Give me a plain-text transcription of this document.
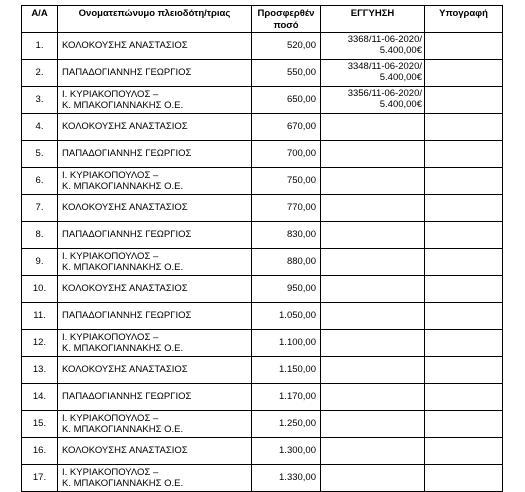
Α/Α	Ονοματεπώνυμο πλειοδότη/τριας	Προσφερθέν
ποσό	ΕΓΓΥΗΣΗ	Υπογραφή
1.	ΚΟΛΟΚΟΥΣΗΣ ΑΝΑΣΤΑΣΙΟΣ	520,00	3368/11-06-2020/
5.400,00€	
2.	ΠΑΠΑΔΟΓΙΑΝΝΗΣ ΓΕΩΡΓΙΟΣ	550,00	3348/11-06-2020/
5.400,00€	
3.	Ι. ΚΥΡΙΑΚΟΠΟΥΛΟΣ –
Κ. ΜΠΑΚΟΓΙΑΝΝΑΚΗΣ Ο.Ε.	650,00	3356/11-06-2020/
5.400,00€	
4.	ΚΟΛΟΚΟΥΣΗΣ ΑΝΑΣΤΑΣΙΟΣ	670,00		
5.	ΠΑΠΑΔΟΓΙΑΝΝΗΣ ΓΕΩΡΓΙΟΣ	700,00		
6.	Ι. ΚΥΡΙΑΚΟΠΟΥΛΟΣ –
Κ. ΜΠΑΚΟΓΙΑΝΝΑΚΗΣ Ο.Ε.	750,00		
7.	ΚΟΛΟΚΟΥΣΗΣ ΑΝΑΣΤΑΣΙΟΣ	770,00		
8.	ΠΑΠΑΔΟΓΙΑΝΝΗΣ ΓΕΩΡΓΙΟΣ	830,00		
9.	Ι. ΚΥΡΙΑΚΟΠΟΥΛΟΣ –
Κ. ΜΠΑΚΟΓΙΑΝΝΑΚΗΣ Ο.Ε.	880,00		
10.	ΚΟΛΟΚΟΥΣΗΣ ΑΝΑΣΤΑΣΙΟΣ	950,00		
11.	ΠΑΠΑΔΟΓΙΑΝΝΗΣ ΓΕΩΡΓΙΟΣ	1.050,00		
12.	Ι. ΚΥΡΙΑΚΟΠΟΥΛΟΣ –
Κ. ΜΠΑΚΟΓΙΑΝΝΑΚΗΣ Ο.Ε.	1.100,00		
13.	ΚΟΛΟΚΟΥΣΗΣ ΑΝΑΣΤΑΣΙΟΣ	1.150,00		
14.	ΠΑΠΑΔΟΓΙΑΝΝΗΣ ΓΕΩΡΓΙΟΣ	1.170,00		
15.	Ι. ΚΥΡΙΑΚΟΠΟΥΛΟΣ –
Κ. ΜΠΑΚΟΓΙΑΝΝΑΚΗΣ Ο.Ε.	1.250,00		
16.	ΚΟΛΟΚΟΥΣΗΣ ΑΝΑΣΤΑΣΙΟΣ	1.300,00		
17.	Ι. ΚΥΡΙΑΚΟΠΟΥΛΟΣ –
Κ. ΜΠΑΚΟΓΙΑΝΝΑΚΗΣ Ο.Ε.	1.330,00		
